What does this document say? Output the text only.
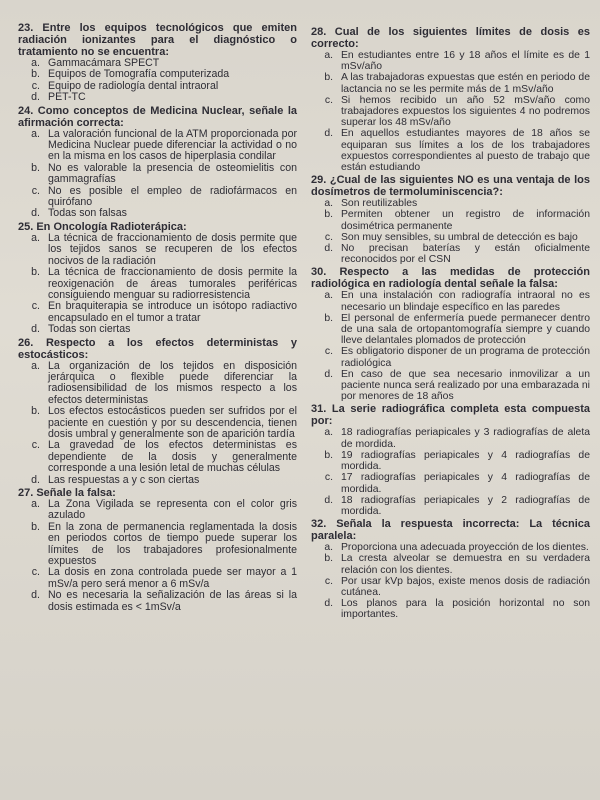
23. Entre los equipos tecnológicos que emiten radiación ionizantes para el diagnóstico o tratamiento no se encuentra:
a. Gammacámara SPECT
b. Equipos de Tomografía computerizada
c. Equipo de radiología dental intraoral
d. PET-TC
24. Como conceptos de Medicina Nuclear, señale la afirmación correcta:
a. La valoración funcional de la ATM proporcionada por Medicina Nuclear puede diferenciar la actividad o no en la misma en los casos de hiperplasia condilar
b. No es valorable la presencia de osteomielitis con gammagrafías
c. No es posible el empleo de radiofármacos en quirófano
d. Todas son falsas
25. En Oncología Radioterápica:
a. La técnica de fraccionamiento de dosis permite que los tejidos sanos se recuperen de los efectos nocivos de la radiación
b. La técnica de fraccionamiento de dosis permite la reoxigenación de áreas tumorales periféricas consiguiendo menguar su radiorresistencia
c. En braquiterapia se introduce un isótopo radiactivo encapsulado en el tumor a tratar
d. Todas son ciertas
26. Respecto a los efectos deterministas y estocásticos:
a. La organización de los tejidos en disposición jerárquica o flexible puede diferenciar la radiosensibilidad de los mismos respecto a los efectos deterministas
b. Los efectos estocásticos pueden ser sufridos por el paciente en cuestión y por su descendencia, tienen dosis umbral y generalmente son de aparición tardía
c. La gravedad de los efectos deterministas es dependiente de la dosis y generalmente corresponde a una lesión letal de muchas células
d. Las respuestas a y c son ciertas
27. Señale la falsa:
a. La Zona Vigilada se representa con el color gris azulado
b. En la zona de permanencia reglamentada la dosis en periodos cortos de tiempo puede superar los límites de los trabajadores profesionalmente expuestos
c. La dosis en zona controlada puede ser mayor a 1 mSv/a pero será menor a 6 mSv/a
d. No es necesaria la señalización de las áreas si la dosis estimada es < 1mSv/a
28. Cual de los siguientes límites de dosis es correcto:
a. En estudiantes entre 16 y 18 años el límite es de 1 mSv/año
b. A las trabajadoras expuestas que estén en periodo de lactancia no se les permite más de 1 mSv/año
c. Si hemos recibido un año 52 mSv/año como trabajadores expuestos los siguientes 4 no podremos superar los 48 mSv/año
d. En aquellos estudiantes mayores de 18 años se equiparan sus límites a los de los trabajadores expuestos correspondientes al puesto de trabajo que están estudiando
29. ¿Cual de las siguientes NO es una ventaja de los dosímetros de termoluminiscencia?:
a. Son reutilizables
b. Permiten obtener un registro de información dosimétrica permanente
c. Son muy sensibles, su umbral de detección es bajo
d. No precisan baterías y están oficialmente reconocidos por el CSN
30. Respecto a las medidas de protección radiológica en radiología dental señale la falsa:
a. En una instalación con radiografía intraoral no es necesario un blindaje específico en las paredes
b. El personal de enfermería puede permanecer dentro de una sala de ortopantomografía siempre y cuando lleve delantales plomados de protección
c. Es obligatorio disponer de un programa de protección radiológica
d. En caso de que sea necesario inmovilizar a un paciente nunca será realizado por una embarazada ni por menores de 18 años
31. La serie radiográfica completa esta compuesta por:
a. 18 radiografías periapicales y 3 radiografías de aleta de mordida.
b. 19 radiografías periapicales y 4 radiografías de mordida.
c. 17 radiografías periapicales y 4 radiografías de mordida.
d. 18 radiografías periapicales y 2 radiografías de mordida.
32. Señala la respuesta incorrecta: La técnica paralela:
a. Proporciona una adecuada proyección de los dientes.
b. La cresta alveolar se demuestra en su verdadera relación con los dientes.
c. Por usar kVp bajos, existe menos dosis de radiación cutánea.
d. Los planos para la posición horizontal no son importantes.
